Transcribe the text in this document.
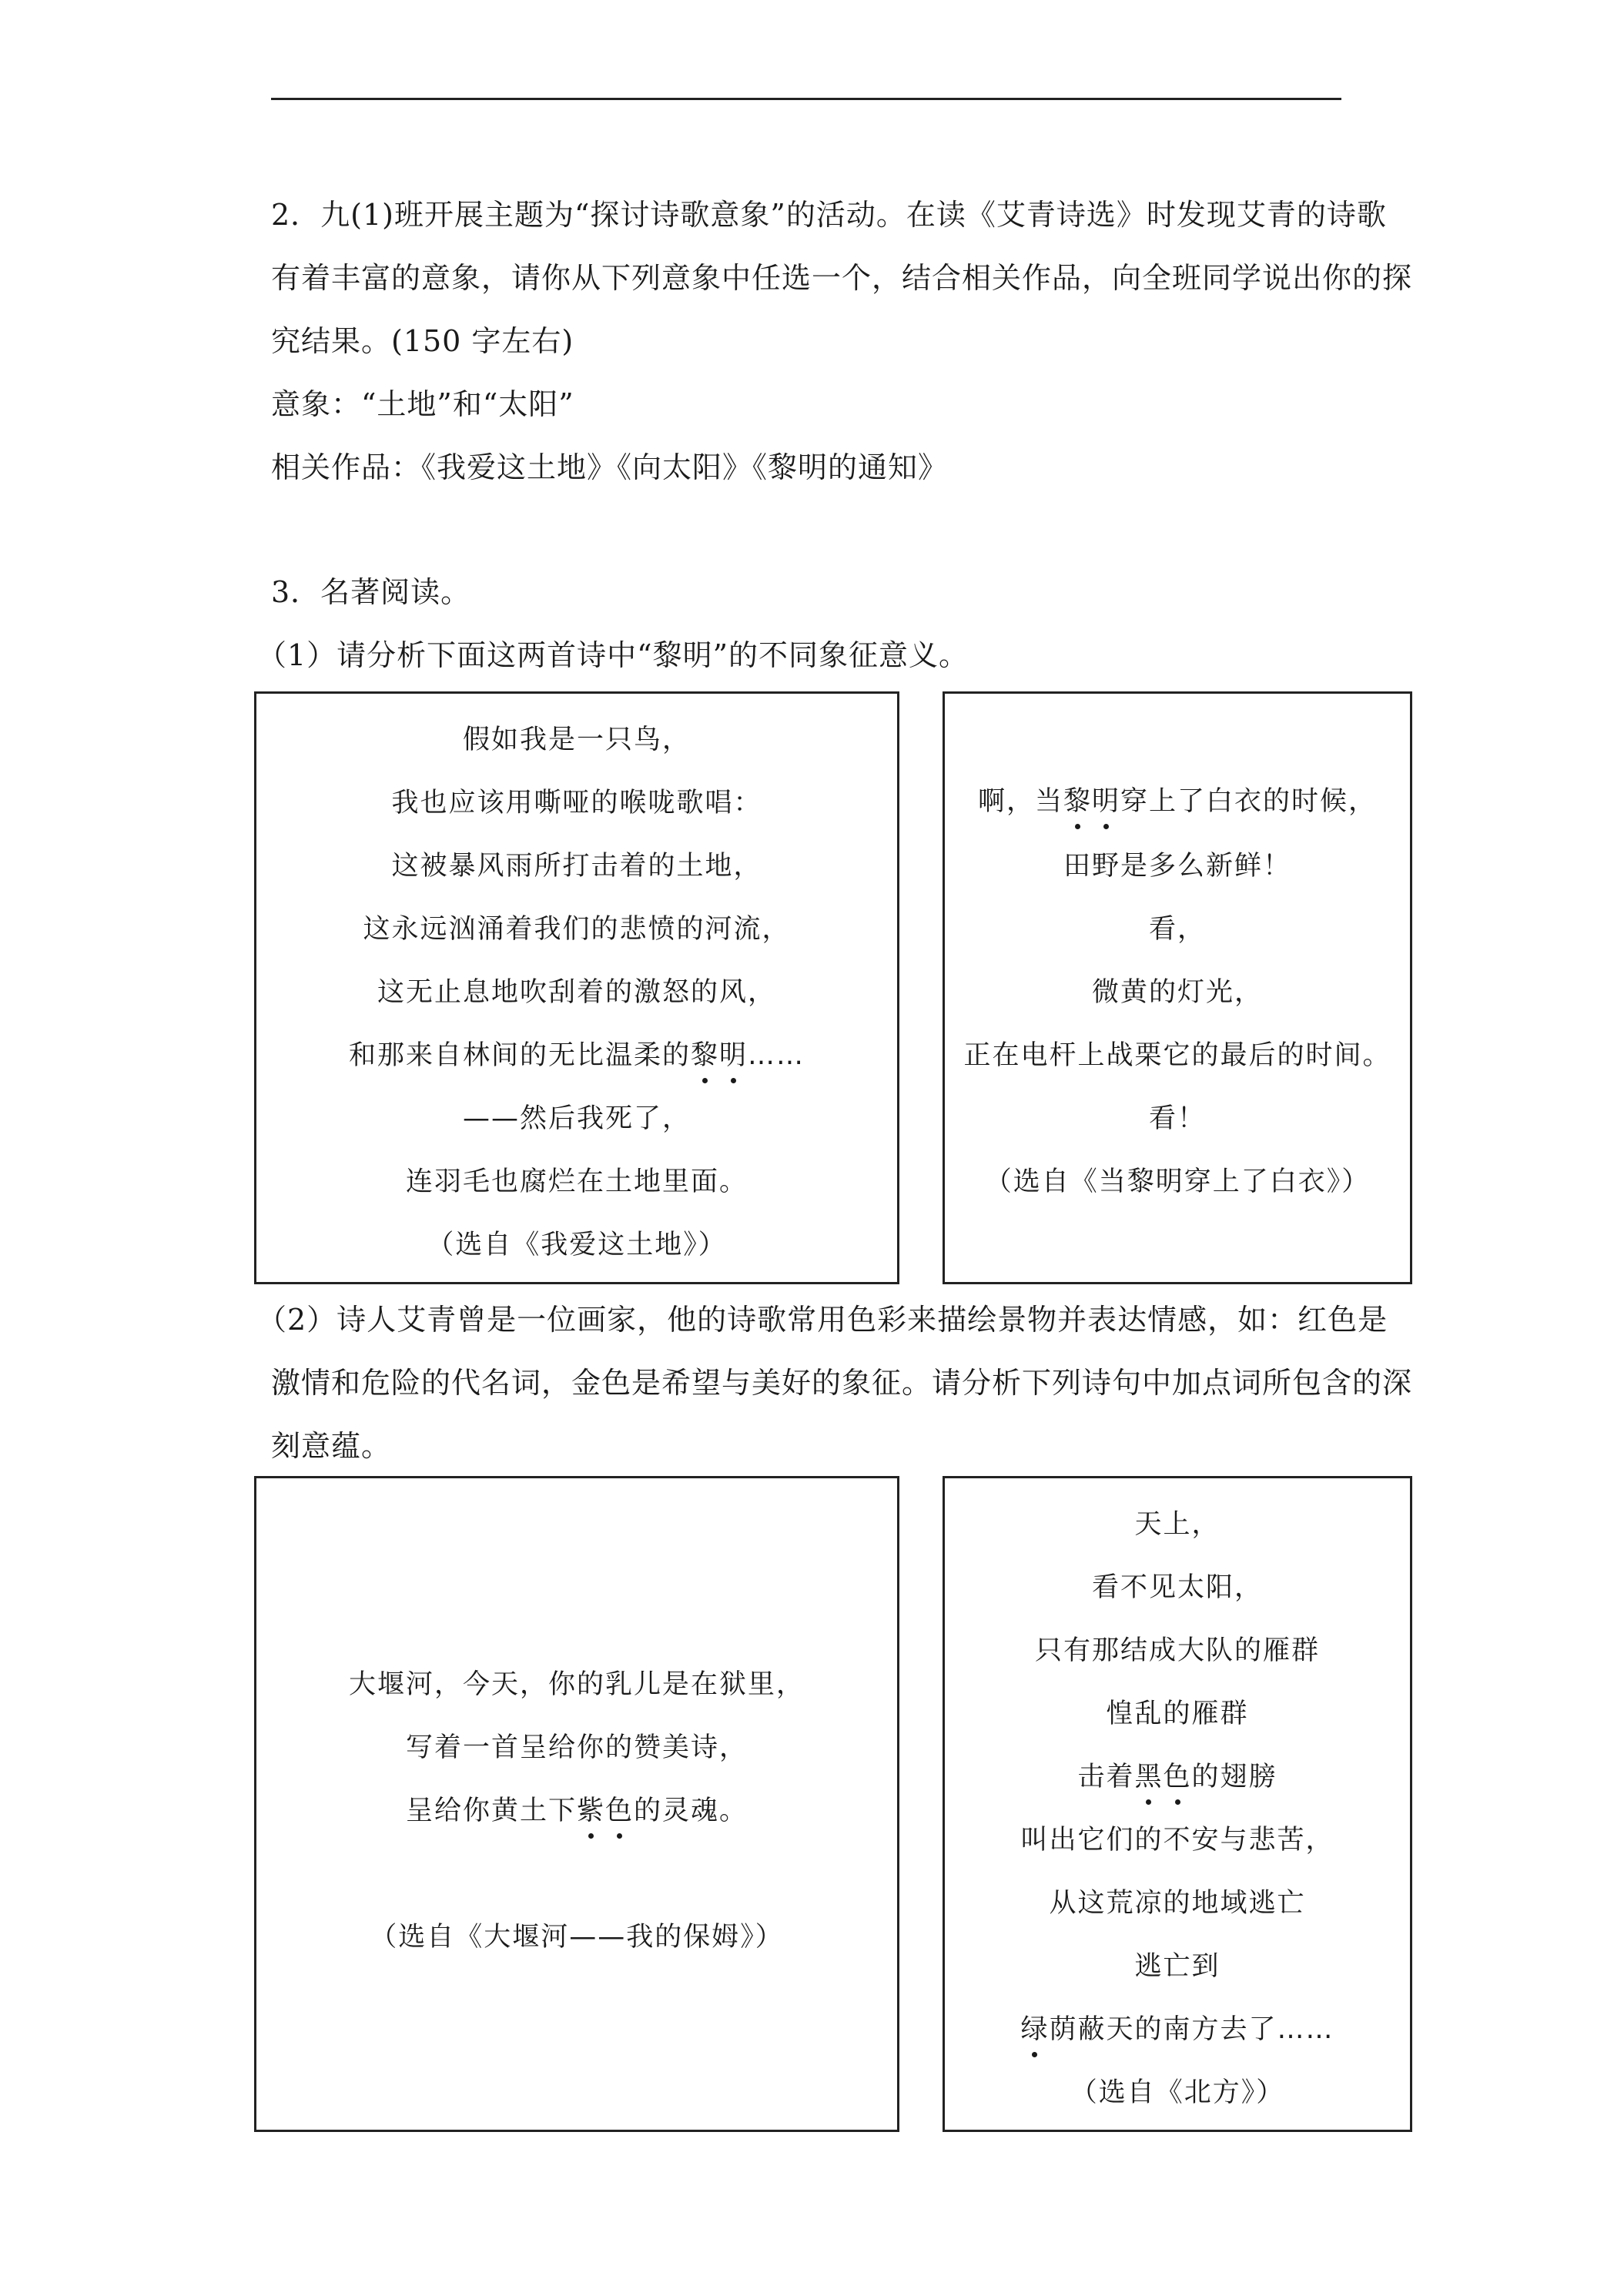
2．九(1)班开展主题为“探讨诗歌意象”的活动。在读《艾青诗选》时发现艾青的诗歌
有着丰富的意象，请你从下列意象中任选一个，结合相关作品，向全班同学说出你的探
究结果。(150 字左右)
意象：“土地”和“太阳”
相关作品：《我爱这土地》《向太阳》《黎明的通知》
3．名著阅读。
（1）请分析下面这两首诗中“黎明”的不同象征意义。
假如我是一只鸟，
我也应该用嘶哑的喉咙歌唱：
这被暴风雨所打击着的土地，
这永远汹涌着我们的悲愤的河流，
这无止息地吹刮着的激怒的风，
和那来自林间的无比温柔的黎明……
——然后我死了，
连羽毛也腐烂在土地里面。
（选自《我爱这土地》）
啊，当黎明穿上了白衣的时候，
田野是多么新鲜！
看，
微黄的灯光，
正在电杆上战栗它的最后的时间。
看！
（选自《当黎明穿上了白衣》）
（2）诗人艾青曾是一位画家，他的诗歌常用色彩来描绘景物并表达情感，如：红色是
激情和危险的代名词，金色是希望与美好的象征。请分析下列诗句中加点词所包含的深
刻意蕴。
大堰河，今天，你的乳儿是在狱里，
写着一首呈给你的赞美诗，
呈给你黄土下紫色的灵魂。
（选自《大堰河——我的保姆》）
天上，
看不见太阳，
只有那结成大队的雁群
惶乱的雁群
击着黑色的翅膀
叫出它们的不安与悲苦，
从这荒凉的地域逃亡
逃亡到
绿荫蔽天的南方去了……
（选自《北方》）
